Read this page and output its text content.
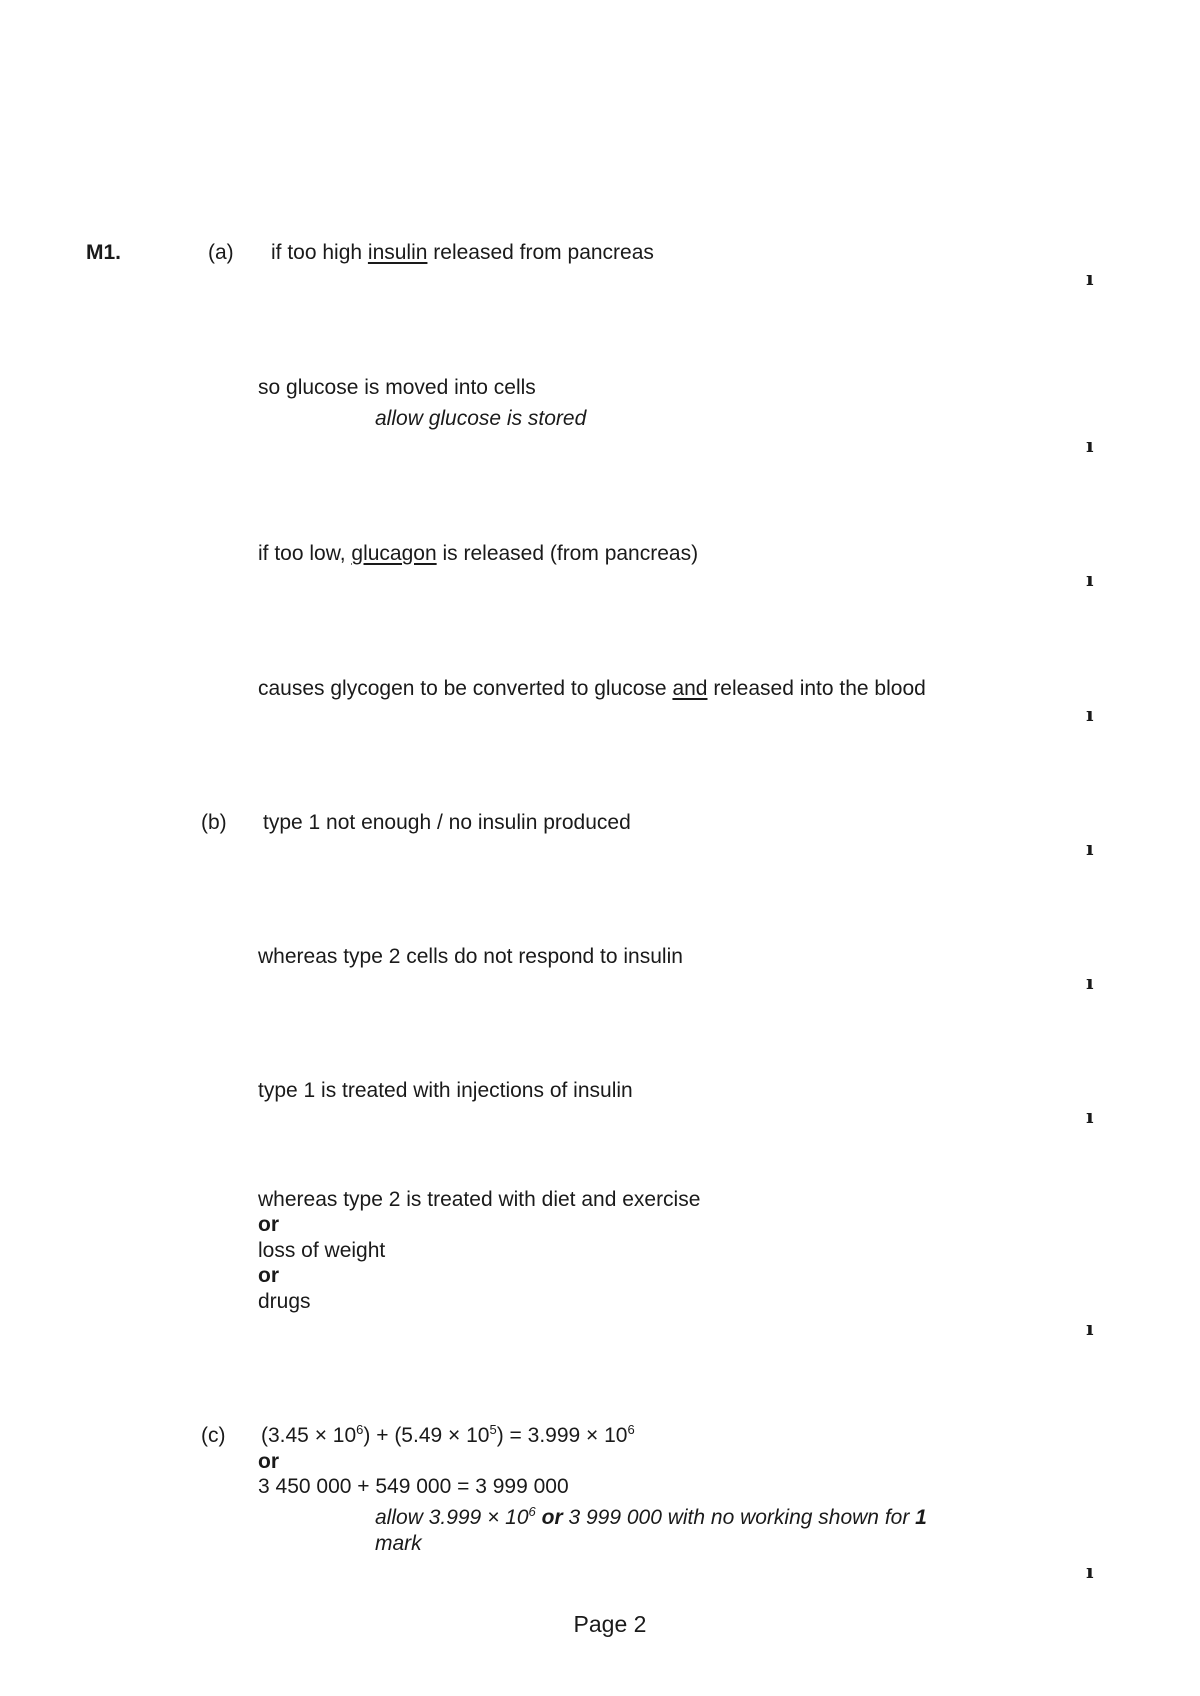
M1.	(a) if too high insulin released from pancreas
ı
so glucose is moved into cells
allow glucose is stored
ı
if too low, glucagon is released (from pancreas)
ı
causes glycogen to be converted to glucose and released into the blood
ı
(b) type 1 not enough / no insulin produced
ı
whereas type 2 cells do not respond to insulin
ı
type 1 is treated with injections of insulin
ı
whereas type 2 is treated with diet and exercise
or
loss of weight
or
drugs
ı
(c) $(3.45 \times 10^6) + (5.49 \times 10^5) = 3.999 \times 10^6$
or
3 450 000 + 549 000 = 3 999 000
allow $3.999 \times 10^6$ or 3 999 000 with no working shown for 1
mark
ı
Page 2
